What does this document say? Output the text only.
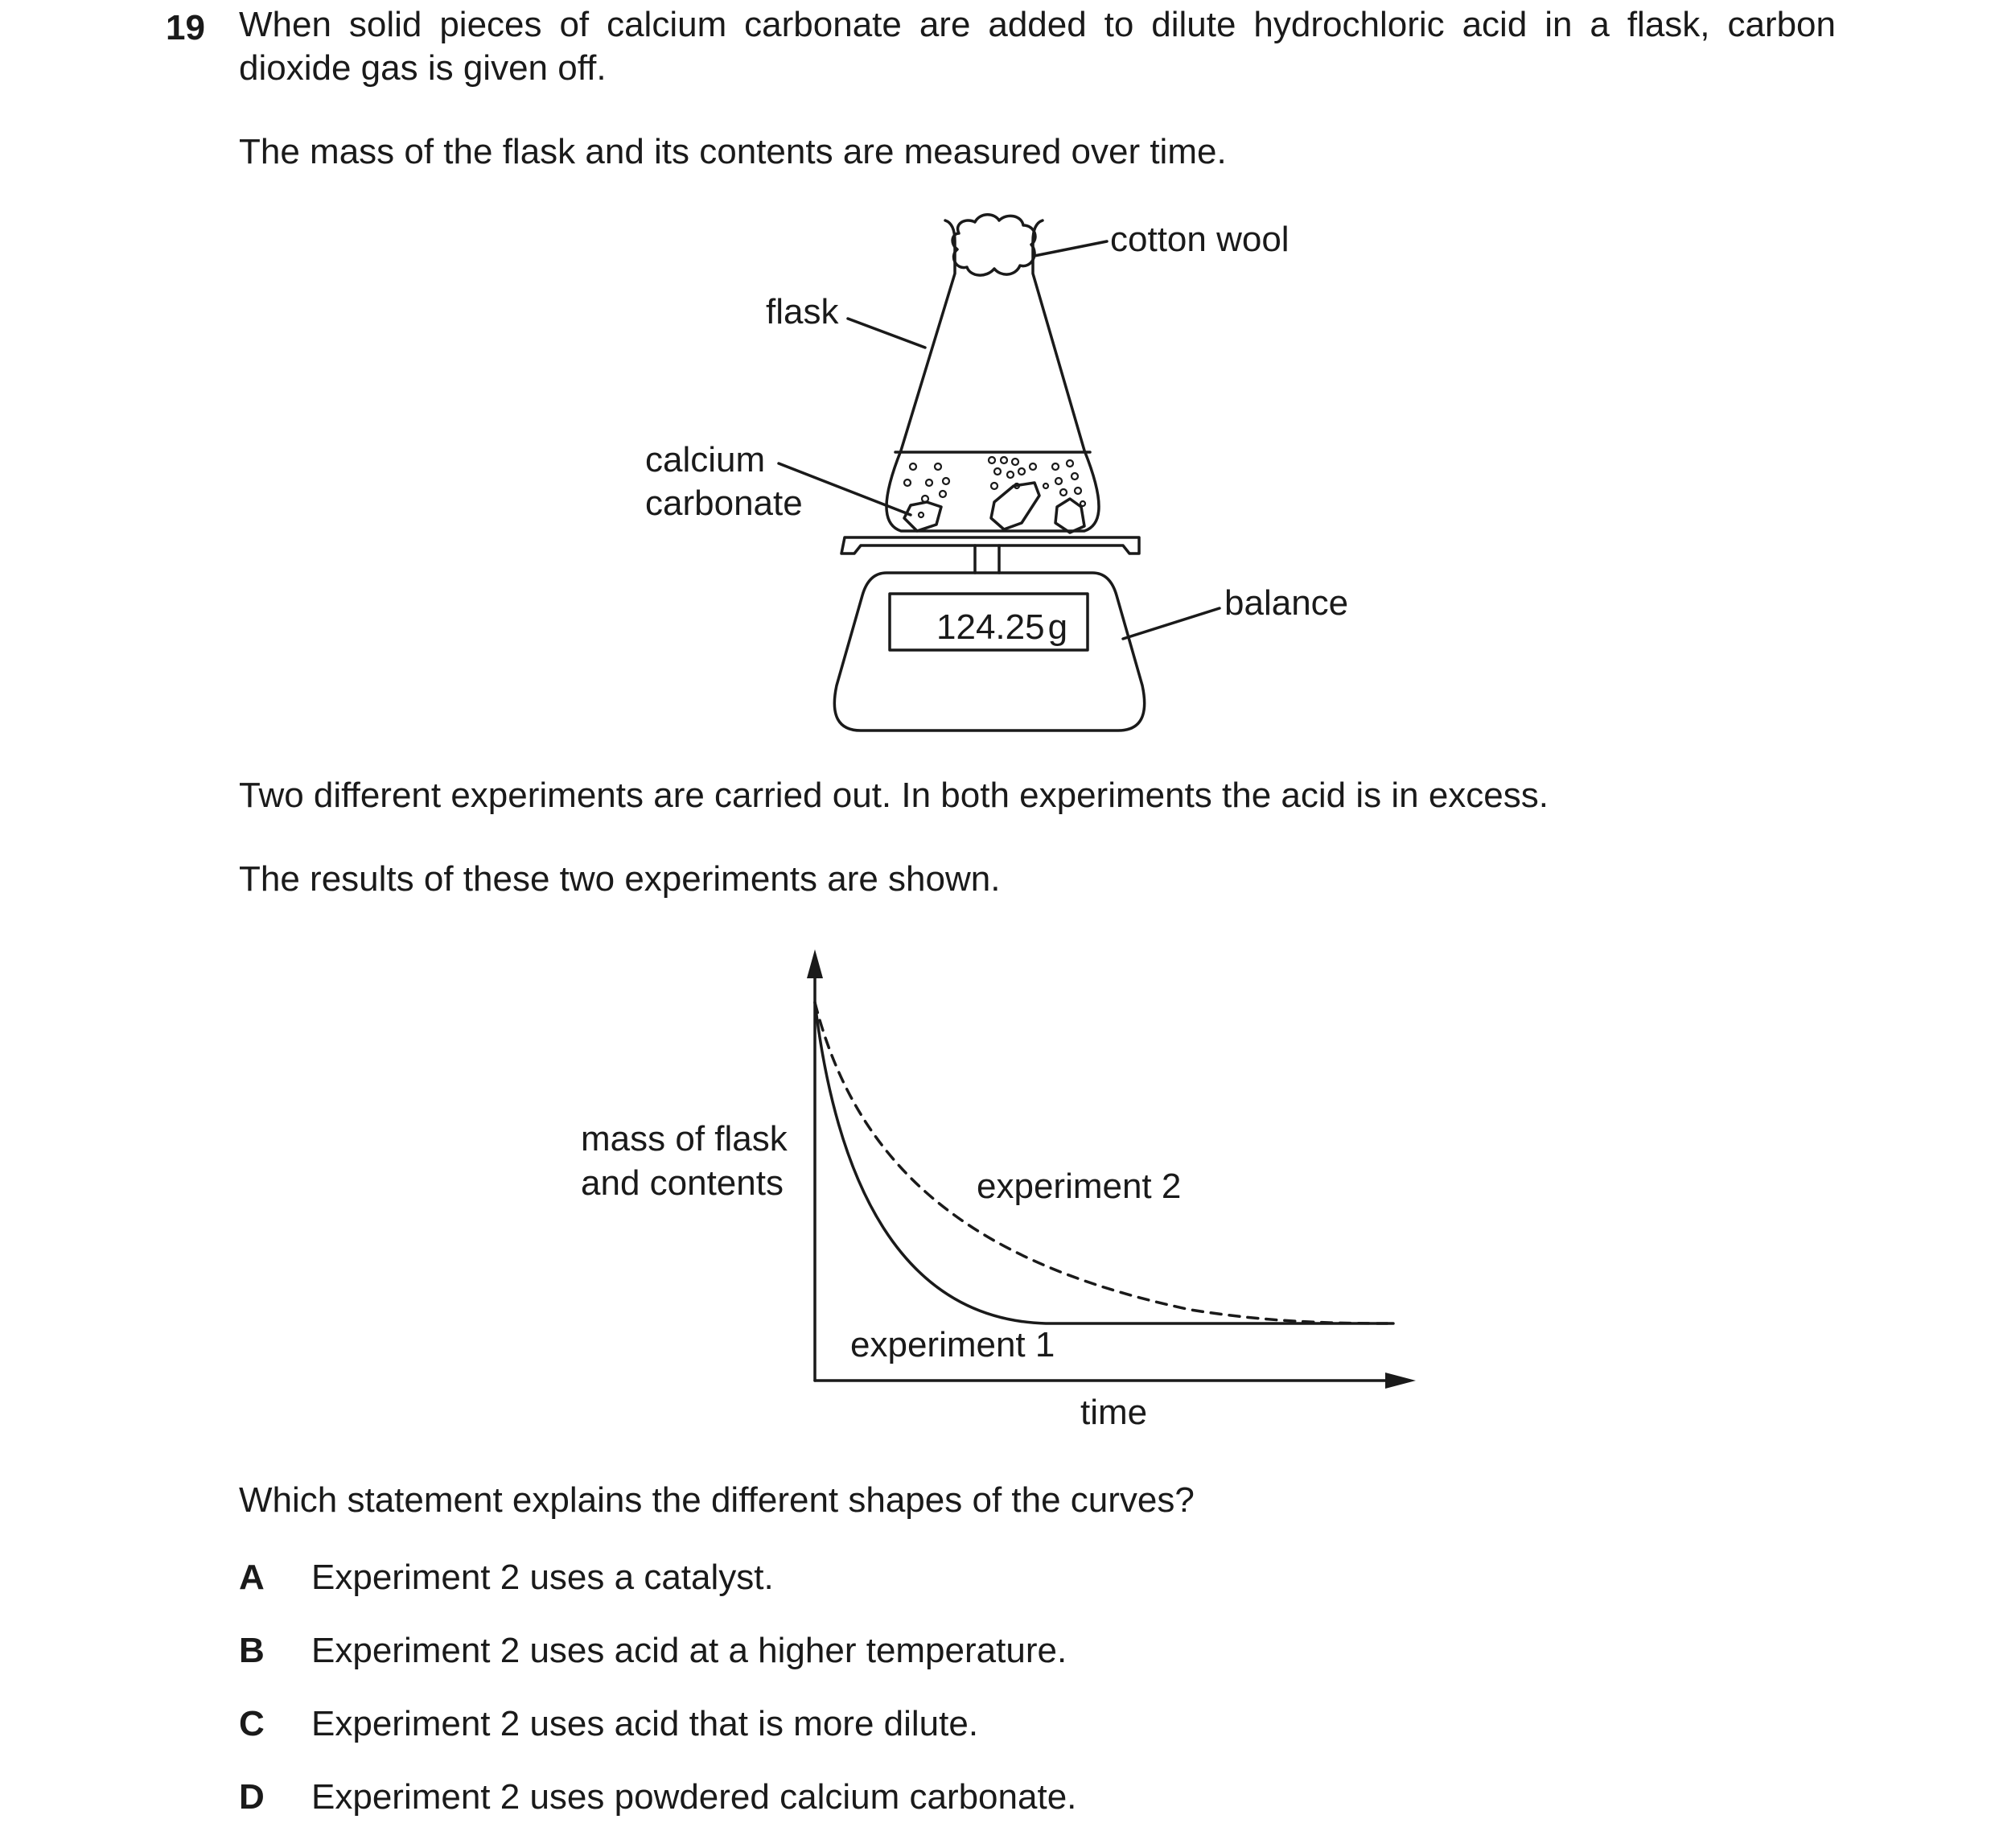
19 When solid pieces of calcium carbonate are added to dilute hydrochloric acid in a flask, carbon dioxide gas is given off.

The mass of the flask and its contents are measured over time.

cotton wool
flask
calcium
carbonate
balance
124.25g

Two different experiments are carried out. In both experiments the acid is in excess.

The results of these two experiments are shown.

mass of flask
and contents	experiment 2
experiment 1
time

Which statement explains the different shapes of the curves?

A Experiment 2 uses a catalyst.
B Experiment 2 uses acid at a higher temperature.
C Experiment 2 uses acid that is more dilute.
D Experiment 2 uses powdered calcium carbonate.
